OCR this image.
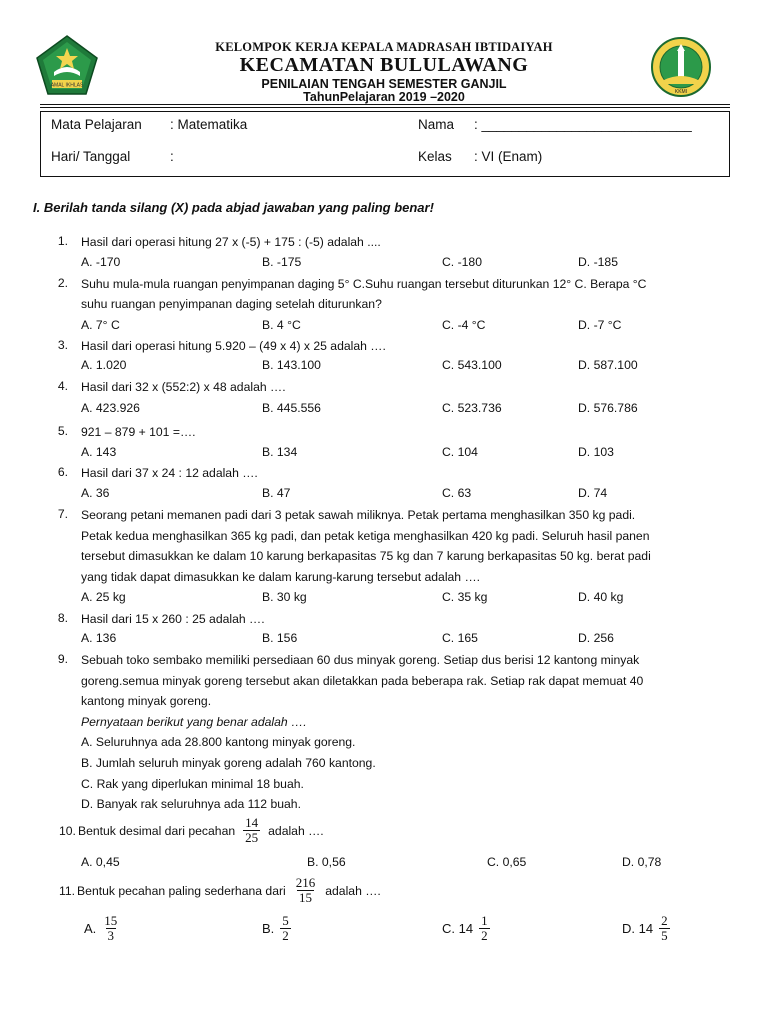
AMAL IKHLAS
KKMI
KELOMPOK KERJA KEPALA MADRASAH IBTIDAIYAH
KECAMATAN BULULAWANG
PENILAIAN TENGAH SEMESTER GANJIL
TahunPelajaran 2019 –2020
Mata Pelajaran : Matematika
Hari/ Tanggal	:
Nama : ____________________________
Kelas : VI (Enam)
I. Berilah tanda silang (X) pada abjad jawaban yang paling benar!
1. Hasil dari operasi hitung 27 x (-5) + 175 : (-5) adalah ....
A. -170	B. -175	C. -180	D. -185
2. Suhu mula-mula ruangan penyimpanan daging 5° C.Suhu ruangan tersebut diturunkan 12° C. Berapa °C
suhu ruangan penyimpanan daging setelah diturunkan?
A. 7° C	B. 4 °C	C. -4 °C	D. -7 °C
3. Hasil dari operasi hitung 5.920 – (49 x 4) x 25 adalah ….
A. 1.020	B. 143.100	C. 543.100	D. 587.100
4. Hasil dari 32 x (552:2) x 48 adalah ….
A. 423.926	B. 445.556	C. 523.736	D. 576.786
5. 921 – 879 + 101 =….
A. 143	B. 134	C. 104	D. 103
6. Hasil dari 37 x 24 : 12 adalah ….
A. 36	B. 47	C. 63	D. 74
7. Seorang petani memanen padi dari 3 petak sawah miliknya. Petak pertama menghasilkan 350 kg padi.
Petak kedua menghasilkan 365 kg padi, dan petak ketiga menghasilkan 420 kg padi. Seluruh hasil panen
tersebut dimasukkan ke dalam 10 karung berkapasitas 75 kg dan 7 karung berkapasitas 50 kg. berat padi
yang tidak dapat dimasukkan ke dalam karung-karung tersebut adalah ….
A. 25 kg	B. 30 kg	C. 35 kg	D. 40 kg
8. Hasil dari 15 x 260 : 25 adalah ….
A. 136	B. 156	C. 165	D. 256
9. Sebuah toko sembako memiliki persediaan 60 dus minyak goreng. Setiap dus berisi 12 kantong minyak
goreng.semua minyak goreng tersebut akan diletakkan pada beberapa rak. Setiap rak dapat memuat 40
kantong minyak goreng.
Pernyataan berikut yang benar adalah ….
A. Seluruhnya ada 28.800 kantong minyak goreng.
B. Jumlah seluruh minyak goreng adalah 760 kantong.
C. Rak yang diperlukan minimal 18 buah.
D. Banyak rak seluruhnya ada 112 buah.
10. Bentuk desimal dari pecahan $\frac{14}{25}$ adalah ….
A. 0,45	B. 0,56	C. 0,65	D. 0,78
11. Bentuk pecahan paling sederhana dari $\frac{216}{15}$ adalah ….
A. $\frac{15}{3}$	B. $\frac{5}{2}$	C. $14 \frac{1}{2}$	D. $14 \frac{2}{5}$
